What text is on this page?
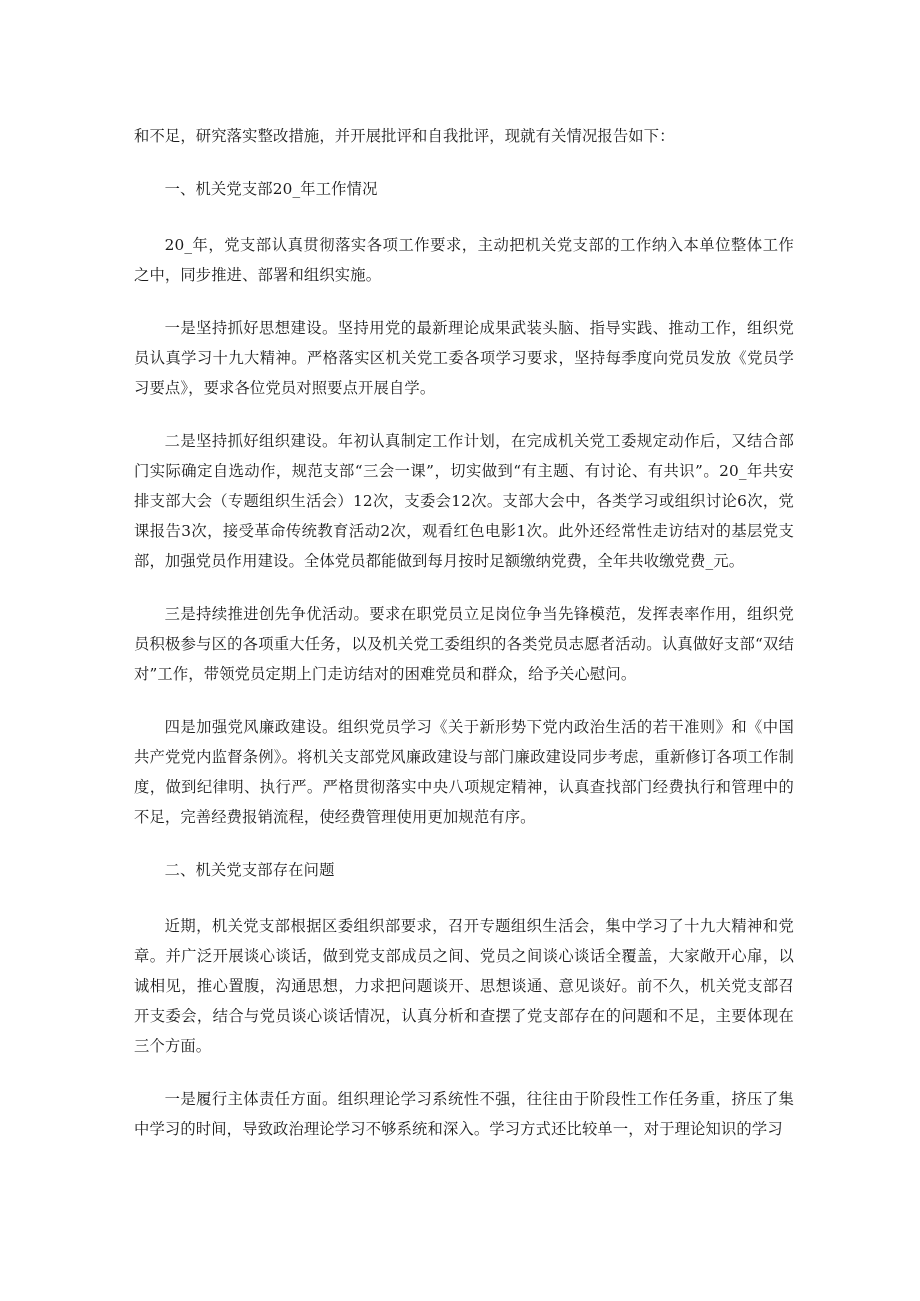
和不足，研究落实整改措施，并开展批评和自我批评，现就有关情况报告如下：

一、机关党支部20_年工作情况

20_年，党支部认真贯彻落实各项工作要求，主动把机关党支部的工作纳入本单位整体工作之中，同步推进、部署和组织实施。

一是坚持抓好思想建设。坚持用党的最新理论成果武装头脑、指导实践、推动工作，组织党员认真学习十九大精神。严格落实区机关党工委各项学习要求，坚持每季度向党员发放《党员学习要点》，要求各位党员对照要点开展自学。

二是坚持抓好组织建设。年初认真制定工作计划，在完成机关党工委规定动作后，又结合部门实际确定自选动作，规范支部“三会一课”，切实做到“有主题、有讨论、有共识”。20_年共安排支部大会（专题组织生活会）12次，支委会12次。支部大会中，各类学习或组织讨论6次，党课报告3次，接受革命传统教育活动2次，观看红色电影1次。此外还经常性走访结对的基层党支部，加强党员作用建设。全体党员都能做到每月按时足额缴纳党费，全年共收缴党费_元。

三是持续推进创先争优活动。要求在职党员立足岗位争当先锋模范，发挥表率作用，组织党员积极参与区的各项重大任务，以及机关党工委组织的各类党员志愿者活动。认真做好支部“双结对”工作，带领党员定期上门走访结对的困难党员和群众，给予关心慰问。

四是加强党风廉政建设。组织党员学习《关于新形势下党内政治生活的若干准则》和《中国共产党党内监督条例》。将机关支部党风廉政建设与部门廉政建设同步考虑，重新修订各项工作制度，做到纪律明、执行严。严格贯彻落实中央八项规定精神，认真查找部门经费执行和管理中的不足，完善经费报销流程，使经费管理使用更加规范有序。

二、机关党支部存在问题

近期，机关党支部根据区委组织部要求，召开专题组织生活会，集中学习了十九大精神和党章。并广泛开展谈心谈话，做到党支部成员之间、党员之间谈心谈话全覆盖，大家敞开心扉，以诚相见，推心置腹，沟通思想，力求把问题谈开、思想谈通、意见谈好。前不久，机关党支部召开支委会，结合与党员谈心谈话情况，认真分析和查摆了党支部存在的问题和不足，主要体现在三个方面。

一是履行主体责任方面。组织理论学习系统性不强，往往由于阶段性工作任务重，挤压了集中学习的时间，导致政治理论学习不够系统和深入。学习方式还比较单一，对于理论知识的学习
